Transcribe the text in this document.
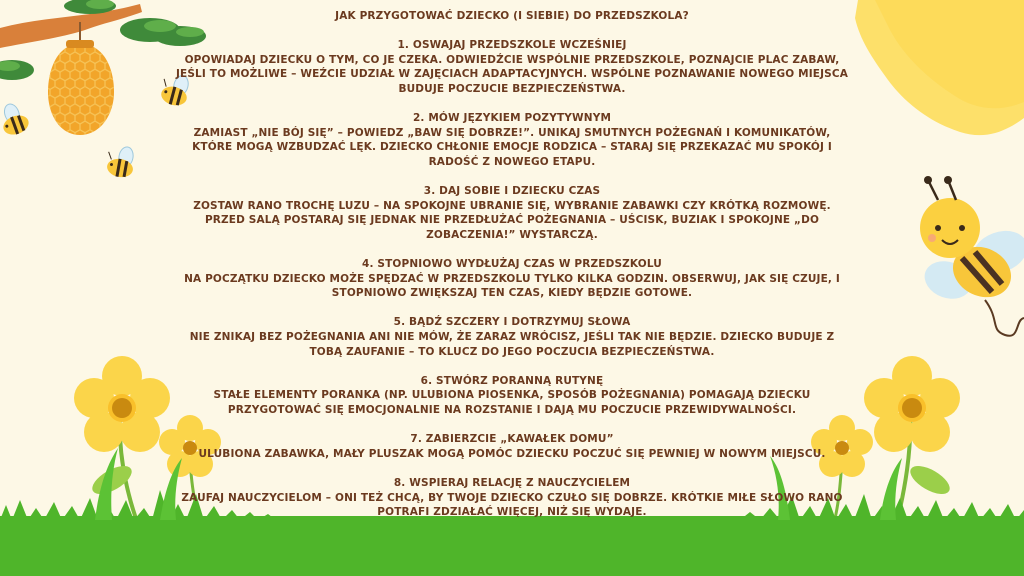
JAK PRZYGOTOWAĆ DZIECKO (I SIEBIE) DO PRZEDSZKOLA?

1. OSWAJAJ PRZEDSZKOLE WCZEŚNIEJ

OPOWIADAJ DZIECKU O TYM, CO JE CZEKA. ODWIEDŹCIE WSPÓLNIE PRZEDSZKOLE, POZNAJCIE PLAC ZABAW, JEŚLI TO MOŻLIWE – WEŹCIE UDZIAŁ W ZAJĘCIACH ADAPTACYJNYCH. WSPÓLNE POZNAWANIE NOWEGO MIEJSCA BUDUJE POCZUCIE BEZPIECZEŃSTWA.

2. MÓW JĘZYKIEM POZYTYWNYM

ZAMIAST „NIE BÓJ SIĘ” – POWIEDZ „BAW SIĘ DOBRZE!”. UNIKAJ SMUTNYCH POŻEGNAŃ I KOMUNIKATÓW, KTÓRE MOGĄ WZBUDZAĆ LĘK. DZIECKO CHŁONIE EMOCJE RODZICA – STARAJ SIĘ PRZEKAZAĆ MU SPOKÓJ I RADOŚĆ Z NOWEGO ETAPU.

3. DAJ SOBIE I DZIECKU CZAS

ZOSTAW RANO TROCHĘ LUZU – NA SPOKOJNE UBRANIE SIĘ, WYBRANIE ZABAWKI CZY KRÓTKĄ ROZMOWĘ. PRZED SALĄ POSTARAJ SIĘ JEDNAK NIE PRZEDŁUŻAĆ POŻEGNANIA – UŚCISK, BUZIAK I SPOKOJNE „DO ZOBACZENIA!” WYSTARCZĄ.

4. STOPNIOWO WYDŁUŻAJ CZAS W PRZEDSZKOLU

NA POCZĄTKU DZIECKO MOŻE SPĘDZAĆ W PRZEDSZKOLU TYLKO KILKA GODZIN. OBSERWUJ, JAK SIĘ CZUJE, I STOPNIOWO ZWIĘKSZAJ TEN CZAS, KIEDY BĘDZIE GOTOWE.

5. BĄDŹ SZCZERY I DOTRZYMUJ SŁOWA

NIE ZNIKAJ BEZ POŻEGNANIA ANI NIE MÓW, ŻE ZARAZ WRÓCISZ, JEŚLI TAK NIE BĘDZIE. DZIECKO BUDUJE Z TOBĄ ZAUFANIE – TO KLUCZ DO JEGO POCZUCIA BEZPIECZEŃSTWA.

6. STWÓRZ PORANNĄ RUTYNĘ

STAŁE ELEMENTY PORANKA (NP. ULUBIONA PIOSENKA, SPOSÓB POŻEGNANIA) POMAGAJĄ DZIECKU PRZYGOTOWAĆ SIĘ EMOCJONALNIE NA ROZSTANIE I DAJĄ MU POCZUCIE PRZEWIDYWALNOŚCI.

7. ZABIERZCIE „KAWAŁEK DOMU”

ULUBIONA ZABAWKA, MAŁY PLUSZAK MOGĄ POMÓC DZIECKU POCZUĆ SIĘ PEWNIEJ W NOWYM MIEJSCU.

8. WSPIERAJ RELACJĘ Z NAUCZYCIELEM

ZAUFAJ NAUCZYCIELOM – ONI TEŻ CHCĄ, BY TWOJE DZIECKO CZUŁO SIĘ DOBRZE. KRÓTKIE MIŁE SŁOWO RANO POTRAFI ZDZIAŁAĆ WIĘCEJ, NIŻ SIĘ WYDAJE.
